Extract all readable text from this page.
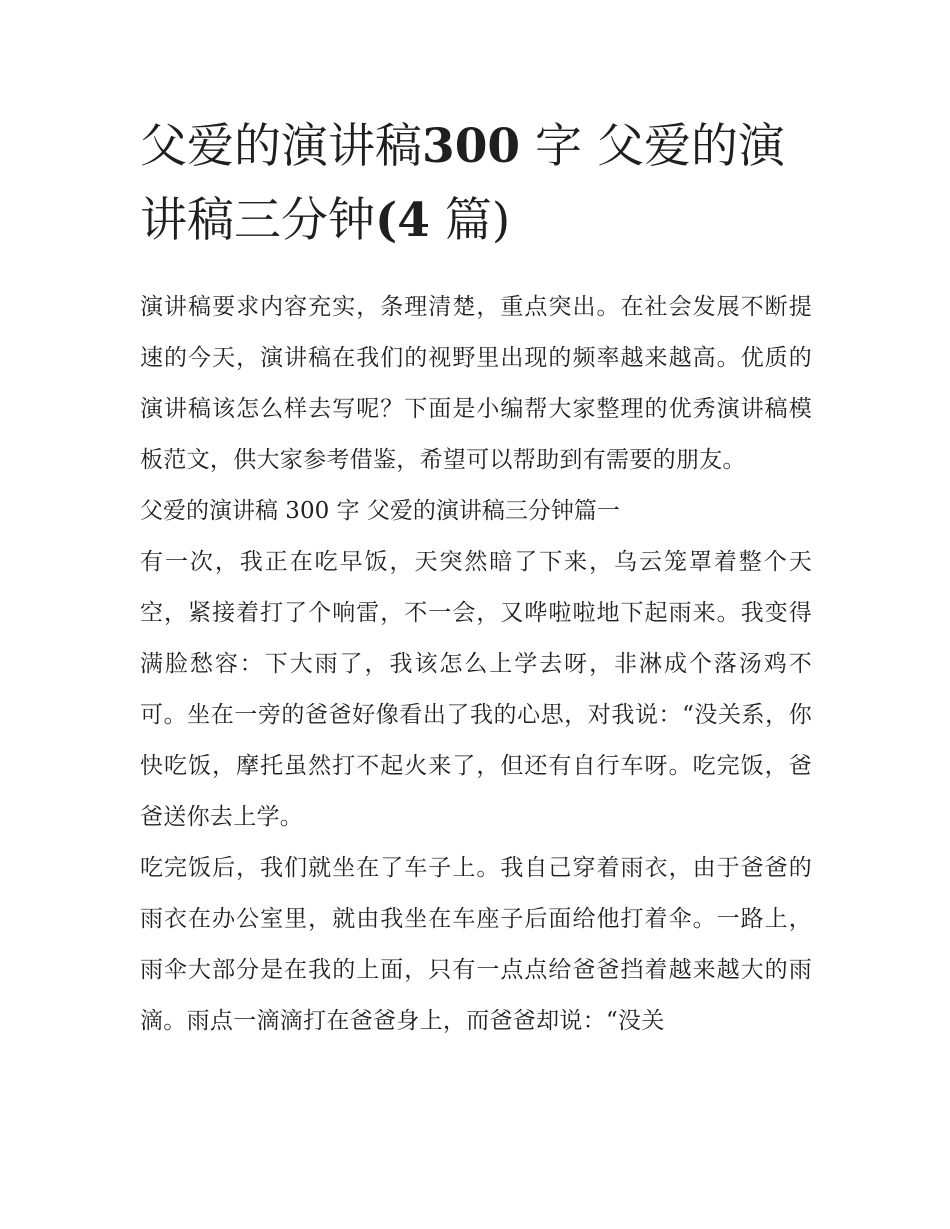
父爱的演讲稿300 字 父爱的演讲稿三分钟(4 篇)

演讲稿要求内容充实，条理清楚，重点突出。在社会发展不断提速的今天，演讲稿在我们的视野里出现的频率越来越高。优质的演讲稿该怎么样去写呢？下面是小编帮大家整理的优秀演讲稿模板范文，供大家参考借鉴，希望可以帮助到有需要的朋友。

父爱的演讲稿 300 字 父爱的演讲稿三分钟篇一

有一次，我正在吃早饭，天突然暗了下来，乌云笼罩着整个天空，紧接着打了个响雷，不一会，又哗啦啦地下起雨来。我变得满脸愁容：下大雨了，我该怎么上学去呀，非淋成个落汤鸡不可。坐在一旁的爸爸好像看出了我的心思，对我说：“没关系，你快吃饭，摩托虽然打不起火来了，但还有自行车呀。吃完饭，爸爸送你去上学。

吃完饭后，我们就坐在了车子上。我自己穿着雨衣，由于爸爸的雨衣在办公室里，就由我坐在车座子后面给他打着伞。一路上，雨伞大部分是在我的上面，只有一点点给爸爸挡着越来越大的雨滴。雨点一滴滴打在爸爸身上，而爸爸却说：“没关
